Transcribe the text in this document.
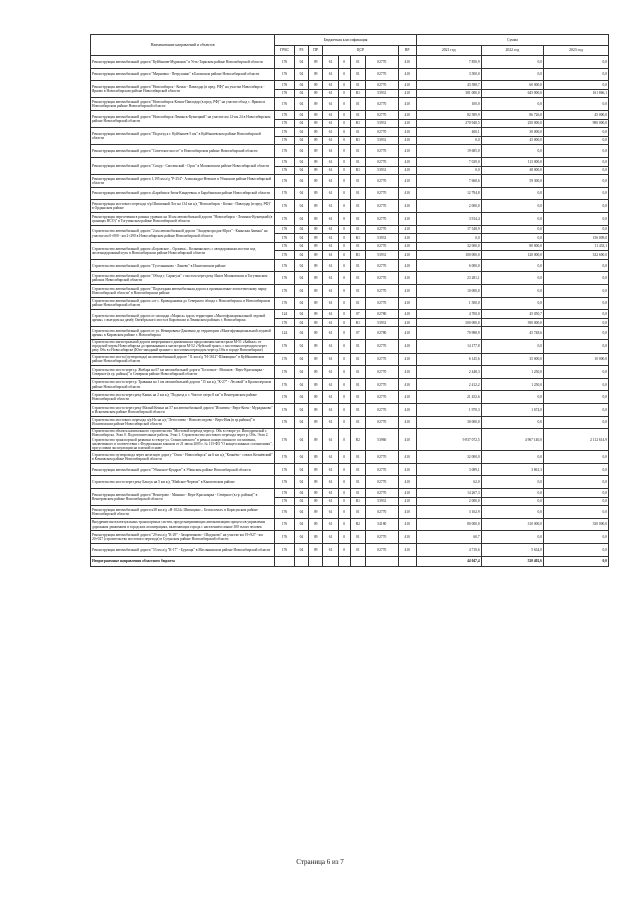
Наименование направлений и объектов	Бюджетная классификация								Сумма		
	ГРБС	РЗ	ПР	ЦСР				ВР	2021 год	2022 год	2023 год
Реконструкция автомобильной дороги "Куйбышев-Мурманск" в Усть-Таркском районе Новосибирской области	176	04	09	61	0	01	02770	410	7 850,9	0,0	0,0
Реконструкция автомобильной дороги "Мирновка - Петрушино" в Баганском районе Новосибирской области	176	04	09	61	0	01	02770	410	3 500,0	0,0	0,0
Реконструкция автомобильной дороги "Новосибирск - Кочки - Павлодар (в пред. РФ)" на участке Новосибирск - Ярково в Новосибирском районе Новосибирской области	176	04	09	61	0	01	02770	410	43 588,7	60 000,0	0,0
	176	04	09	61	0	R1	53931	410	381 000,0	645 000,0	161 866,1
Реконструкция автомобильной дороги "Новосибирск-Кочки-Павлодар (в пред. РФ)" на участке обход с. Ярково в Новосибирском районе Новосибирской области	176	04	09	61	0	01	02770	410	100,0	0,0	0,0
Реконструкция автомобильной дороги "Новосибирск-Ленинск-Кузнецкий" на участке км 12-км 24 в Новосибирском районе Новосибирской области	176	04	09	61	0	01	02770	410	82 589,9	86 726,0	45 000,0
	176	04	09	61	0	R1	53931	410	270 940,5	250 000,0	980 000,0
Реконструкция автомобильной дороги "Подъезд к г. Куйбышев-5 км" в Куйбышевском районе Новосибирской области	176	04	09	61	0	01	02770	410	400,1	30 000,0	0,0
	176	04	09	61	0	R1	53931	410	0,0	45 000,0	0,0
Реконструкция автомобильной дороги "Советское шоссе" в Новосибирском районе Новосибирской области	176	04	09	61	0	01	02770	410	19 685,0	0,0	0,0
Реконструкция автомобильной дороги "Сокур - Смоленский - Орск" в Мошковском районе Новосибирской области	176	04	09	61	0	01	02770	410	7 029,0	113 000,0	0,0
	176	04	09	61	0	R1	53931	410	0,0	48 000,0	0,0
Реконструкция автомобильной дороги 1,195 км а/д "Р-254"- Александро-Невское в Убинском районе Новосибирской области	176	04	09	61	0	01	02770	410	7 668,6	59 300,0	0,0
Реконструкция автомобильной дороги «Барабинск-Зюзя-Киндеевка» в Барабинском районе Новосибирской области	176	04	09	61	0	01	02770	410	12 794,8	0,0	0,0
Реконструкция мостового перехода ч/р Шипичный Лог на 134 км а/д "Новосибирск - Кочки - Павлодар (в пред. РФ)" в Ордынском районе	176	04	09	61	0	01	02770	410	2 000,0	0,0	0,0
Реконструкция пересечения в разных уровнях на 36 км автомобильной дороги "Новосибирск - Ленинск-Кузнецкий (в границах НСО)" в Тогучинском районе Новосибирской области	176	04	09	61	0	01	02770	410	3 914,4	0,0	0,0
Строительство автомобильной дороги "2 км автомобильной дороги "Академгородок-Юрга" - Каинская Заимка" на участке км 0+000 - км 2+290 в Новосибирском районе Новосибирской области	176	04	09	61	0	01	02770	410	17 548,9	0,0	0,0
	176	04	09	61	0	R1	53931	410	0,0	0,0	156 009,0
Строительство автомобильной дороги «Боровское – Орловка – Колыванское» с автодорожным мостом под железнодорожный путь в Новосибирском районе Новосибирской области	176	04	09	61	0	01	02770	410	32 000,0	80 000,0	11 433,1
	176	04	09	61	0	R1	53931	410	100 000,0	120 000,0	332 600,0
Строительство автомобильной дороги "Гусельниково - Линево" в Искитимском районе	176	04	09	61	0	01	02770	410	6 000,0	0,0	0,0
Строительство автомобильной дороги "Обход г. Сарапула" с мостом через реку Иня в Мошковском и Тогучинском районах Новосибирской области	176	04	09	61	0	01	02770	410	23 281,1	0,0	0,0
Строительство автомобильной дороги "Подъездная автомобильная дорога к промышленно-логистическому парку Новосибирской области" в Новосибирском районе	176	04	09	61	0	01	02770	410	10 000,0	0,0	0,0
Строительство автомобильной дороги «от с. Криводановка до Северного обхода г. Новосибирска» в Новосибирском районе Новосибирской области	176	04	09	61	0	01	02770	410	1 500,0	0,0	0,0
Строительство автомобильной дороги от площади «Маркса» вдоль территории «Многофункциональной ледовой арены» с выездом на дамбу Октябрьского моста в Кировском и Ленинском районах г. Новосибирска	124	04	09	61	0	07	02780	410	4 700,0	45 050,7	0,0
	176	04	09	61	0	R1	53931	410	300 000,0	390 000,0	0,0
Строительство автомобильной дороги от ул. Немировича-Данченко до территории «Многофункциональной ледовой арены» в Кировском районе г. Новосибирска	124	04	09	61	0	07	02780	410	70 988,9	45 748,6	0,0
Строительство магистральной дороги непрерывного движения на продолжении магистрали М-51 «Байкал» от городской черты Новосибирска до примыкания к магистрали М-52 «Чуйский тракт» с мостовым переходом через реку Обь в г.Новосибирске (Юго-западный транзит с мостовым переходом через р.Обь в городе Новосибирске)	176	04	09	61	0	01	02770	410	14 177,8	0,0	0,0
Строительство моста (путепровода) на автомобильной дороге "11 км а/д "Н-1612"-Шипицино" в Куйбышевском районе Новосибирской области	176	04	09	61	0	01	02770	410	6 145,6	35 000,0	10 000,0
Строительство моста через р. Жибара на 67 км автомобильной дороги "Болотное - Мошнов - Верх-Красноярка - Северное (в гр. района)" в Северном районе Новосибирской области	176	04	09	61	0	01	02770	410	2 448,3	1 250,0	0,0
Строительство моста через р. Травянка на 1 км автомобильной дороги "15 км а/д "К-27" - Лесовой" в Краснозерском районе Новосибирской области	176	04	09	61	0	01	02770	410	2 412,2	1 250,0	0,0
Строительство моста через реку Каинь на 2 км а/д "Подъезд к с. Чистое озеро 8 км" в Венгеровском районе Новосибирской области	176	04	09	61	0	01	02770	410	21 452,6	0,0	0,0
Строительство моста через реку Малый Кеньм на 57 км автомобильной дороги "Искитим - Верх-Коен - Мурадыково" в Искитимском районе Новосибирской области	176	04	09	61	0	01	02770	410	1 970,3	1 674,0	0,0
Строительство мостового перехода ч/р Нх на а/д "Легостаево - Новолесоедово - Верх-Иня (в гр.района)" в Искитимском районе Новосибирской области	176	04	09	61	0	01	02770	410	30 000,0	0,0	0,0
Строительство объекта капитального строительства "Мостовой переход через р. Обь в створе ул. Ипподромской г. Новосибирска. Этап 0. Подготовительные работы. Этап 1. Строительство мостового перехода через р. Обь. Этап 2. Строительство транспортной развязки в створе ул. Станиславского" в рамках концессионного соглашения, заключенного в соответствии с Федеральным законом от 21 июля 2005 г. № 115-ФЗ "О концессионных соглашениях", при условии эксплуатации на платной основе	176	04	09	61	0	R2	53960	410	9 837 072,5	4 967 140,0	2 112 614,9
Строительство путепровода через железную дорогу "Омск - Новосибирск" на 6 км а/д "Кочнёво - совхоз Кочнёвский" в Кочковском районе Новосибирской области	176	04	09	61	0	01	02770	410	32 000,0	0,0	0,0
Реконструкция автомобильной дороги "Убинское-Кундрат" в Убинском районе Новосибирской области	176	04	09	61	0	01	02770	410	3 089,1	3 861,3	0,0
Строительство моста через реку Баксук на 5 км а/д "Майское-Черемх" в Кыштовском районе	176	04	09	61	0	01	02770	410	62,0	0,0	0,0
Реконструкция автомобильной дороги "Венгерово - Минино - Верх-Красноярка - Северное (в гр. района)" в Венгеровском районе Новосибирской области	176	04	09	61	0	01	02770	410	14 267,3	0,0	0,0
	176	04	09	61	0	R1	53931	410	2 000,0	0,0	0,0
Реконструкция автомобильной дороги к38 км а/д «Н-1024» Шипицино – Белоклочье» в Карасукском районе Новосибирской области	176	04	09	61	0	01	02770	410	3 162,9	0,0	0,0
Внедрение интеллектуальных транспортных систем, предусматривающих автоматизацию процессов управления дорожным движением в городских агломерациях, включающих города с населением свыше 300 тысяч человек	176	04	09	61	0	R2	54180	410	80 000,0	310 000,0	330 000,0
Реконструкция автомобильной дороги "29 км а/д "К-29" - Захарченково - Шадуново" на участке км 19+927 - км 20+027 (строительство мостового перехода) в Сузунском районе Новосибирской области	176	04	09	61	0	01	02770	410	60,7	0,0	0,0
Реконструкция автомобильной дороги "53 км а/д "К-17" - Бурлацк" в Маслянинском районе Новосибирской области	176	04	09	61	0	01	02770	410	4 710,6	5 634,0	0,0
Непрограммные направления областного бюджета									44 047,4	520 402,6	0,0
Страница 6 из 7
